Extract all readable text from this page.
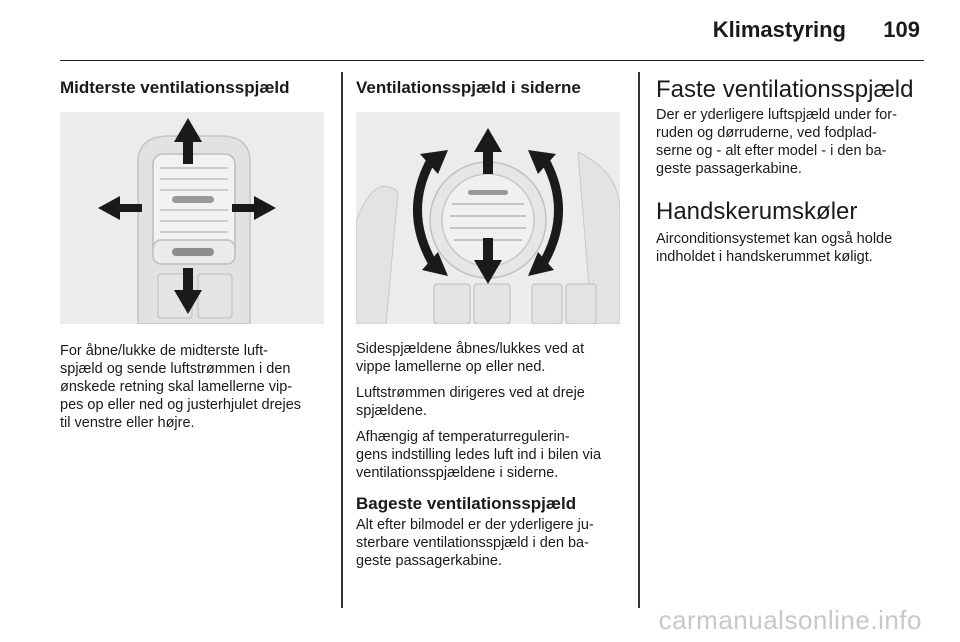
Klimastyring 109
Midterste ventilationsspjæld

For åbne/lukke de midterste luft-
spjæld og sende luftstrømmen i den
ønskede retning skal lamellerne vip-
pes op eller ned og justerhjulet drejes
til venstre eller højre.

Ventilationsspjæld i siderne

Sidespjældene åbnes/lukkes ved at
vippe lamellerne op eller ned.

Luftstrømmen dirigeres ved at dreje
spjældene.

Afhængig af temperaturregulerin-
gens indstilling ledes luft ind i bilen via
ventilationsspjældene i siderne.

Bageste ventilationsspjæld

Alt efter bilmodel er der yderligere ju-
sterbare ventilationsspjæld i den ba-
geste passagerkabine.

Faste ventilationsspjæld

Der er yderligere luftspjæld under for-
ruden og dørruderne, ved fodplad-
serne og - alt efter model - i den ba-
geste passagerkabine.

Handskerumskøler

Airconditionsystemet kan også holde
indholdet i handskerummet køligt.

carmanualsonline.info
